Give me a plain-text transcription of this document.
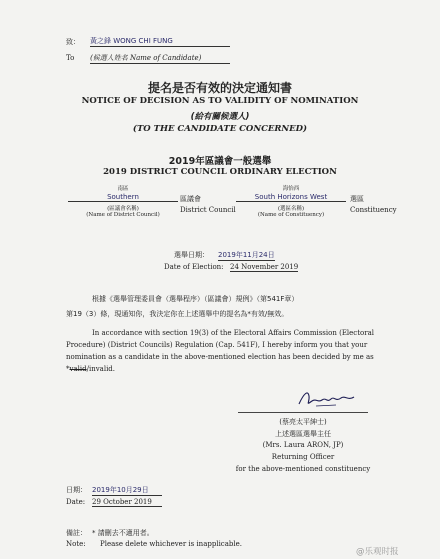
致： 黃之鋒 WONG CHI FUNG
To (候選人姓名 Name of Candidate)
提名是否有效的決定通知書
NOTICE OF DECISION AS TO VALIDITY OF NOMINATION
(給有關候選人)
(TO THE CANDIDATE CONCERNED)
2019年區議會一般選舉
2019 DISTRICT COUNCIL ORDINARY ELECTION
南區
Southern
(區議會名稱)
(Name of District Council)
區議會
District Council
海怡西
South Horizons West
(選區名稱)
(Name of Constituency)
選區
Constituency
選舉日期： 2019年11月24日
Date of Election: 24 November 2019
根據《選舉管理委員會（選舉程序）（區議會）規例》（第541F章）
第19（3）條，現通知你，我決定你在上述選舉中的提名為*有效/無效。
In accordance with section 19(3) of the Electoral Affairs Commission (Electoral
Procedure) (District Councils) Regulation (Cap. 541F), I hereby inform you that your
nomination as a candidate in the above-mentioned election has been decided by me as
*valid/invalid.
(蔡亮太平紳士)
上述選區選舉主任
(Mrs. Laura ARON, JP)
Returning Officer
for the above-mentioned constituency
日期： 2019年10月29日
Date: 29 October 2019
備註： * 請刪去不適用者。
Note: Please delete whichever is inapplicable.
@乐观时报
